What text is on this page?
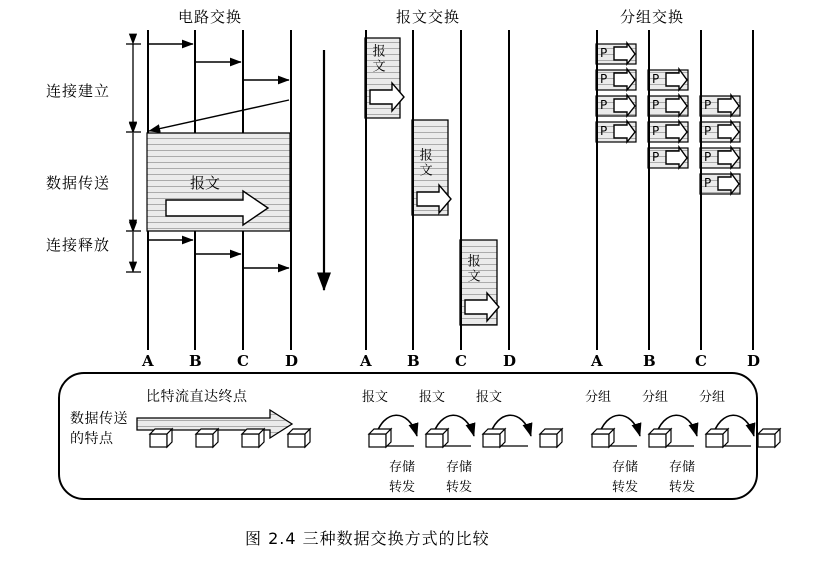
电路交换	报文交换	分组交换
连接建立
数据传送
连接释放
报文
报文
报文
报文
P
P
P
P
P
P
P
P
P
P
P
P
A B C D	A B C D	A	B	C	D
数据传送
的特点
比特流直达终点	报文 报文 报文
存储
转发
存储
转发
分组 分组 分组
存储
转发
存储
转发
图 2.4 三种数据交换方式的比较
